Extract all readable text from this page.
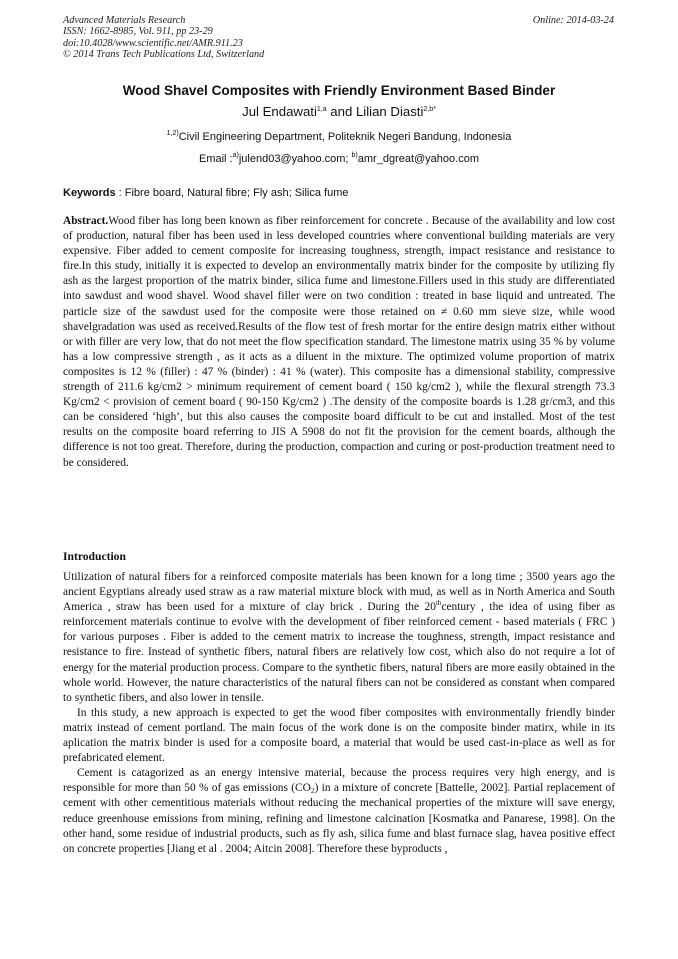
Advanced Materials Research
ISSN: 1662-8985, Vol. 911, pp 23-29
doi:10.4028/www.scientific.net/AMR.911.23
© 2014 Trans Tech Publications Ltd, Switzerland
Online: 2014-03-24
Wood Shavel Composites with Friendly Environment Based Binder
Jul Endawati$^{1,a}$ and Lilian Diasti$^{2,b*}$
$^{1,2)}$Civil Engineering Department, Politeknik Negeri Bandung, Indonesia
Email :$^{a)}$julend03@yahoo.com; $^{b)}$amr_dgreat@yahoo.com
Keywords : Fibre board, Natural fibre; Fly ash; Silica fume

Abstract.Wood fiber has long been known as fiber reinforcement for concrete . Because of the availability and low cost of production, natural fiber has been used in less developed countries where conventional building materials are very expensive. Fiber added to cement composite for increasing toughness, strength, impact resistance and resistance to fire.In this study, initially it is expected to develop an environmentally matrix binder for the composite by utilizing fly ash as the largest proportion of the matrix binder, silica fume and limestone.Fillers used in this study are differentiated into sawdust and wood shavel. Wood shavel filler were on two condition : treated in base liquid and untreated. The particle size of the sawdust used for the composite were those retained on ≠ 0.60 mm sieve size, while wood shavelgradation was used as received.Results of the flow test of fresh mortar for the entire design matrix either without or with filler are very low, that do not meet the flow specification standard. The limestone matrix using 35 % by volume has a low compressive strength , as it acts as a diluent in the mixture. The optimized volume proportion of matrix composites is 12 % (filler) : 47 % (binder) : 41 % (water). This composite has a dimensional stability, compressive strength of 211.6 kg/cm2 > minimum requirement of cement board ( 150 kg/cm2 ), while the flexural strength 73.3 Kg/cm2 < provision of cement board ( 90-150 Kg/cm2 ) .The density of the composite boards is 1.28 gr/cm3, and this can be considered ‘high’, but this also causes the composite board difficult to be cut and installed. Most of the test results on the composite board referring to JIS A 5908 do not fit the provision for the cement boards, although the difference is not too great. Therefore, during the production, compaction and curing or post-production treatment need to be considered.

Introduction

Utilization of natural fibers for a reinforced composite materials has been known for a long time ; 3500 years ago the ancient Egyptians already used straw as a raw material mixture block with mud, as well as in North America and South America , straw has been used for a mixture of clay brick . During the 20thcentury , the idea of using fiber as reinforcement materials continue to evolve with the development of fiber reinforced cement - based materials ( FRC ) for various purposes . Fiber is added to the cement matrix to increase the toughness, strength, impact resistance and resistance to fire. Instead of synthetic fibers, natural fibers are relatively low cost, which also do not require a lot of energy for the material production process. Compare to the synthetic fibers, natural fibers are more easily obtained in the whole world. However, the nature characteristics of the natural fibers can not be considered as constant when compared to synthetic fibers, and also lower in tensile.

In this study, a new approach is expected to get the wood fiber composites with environmentally friendly binder matrix instead of cement portland. The main focus of the work done is on the composite binder matirx, while in its aplication the matrix binder is used for a composite board, a material that would be used cast-in-place as well as for prefabricated element.

Cement is catagorized as an energy intensive material, because the process requires very high energy, and is responsible for more than 50 % of gas emissions $(CO_2)$ in a mixture of concrete [Battelle, 2002]. Partial replacement of cement with other cementitious materials without reducing the mechanical properties of the mixture will save energy, reduce greenhouse emissions from mining, refining and limestone calcination [Kosmatka and Panarese, 1998]. On the other hand, some residue of industrial products, such as fly ash, silica fume and blast furnace slag, havea positive effect on concrete properties [Jiang et al . 2004; Aitcin 2008]. Therefore these byproducts ,
